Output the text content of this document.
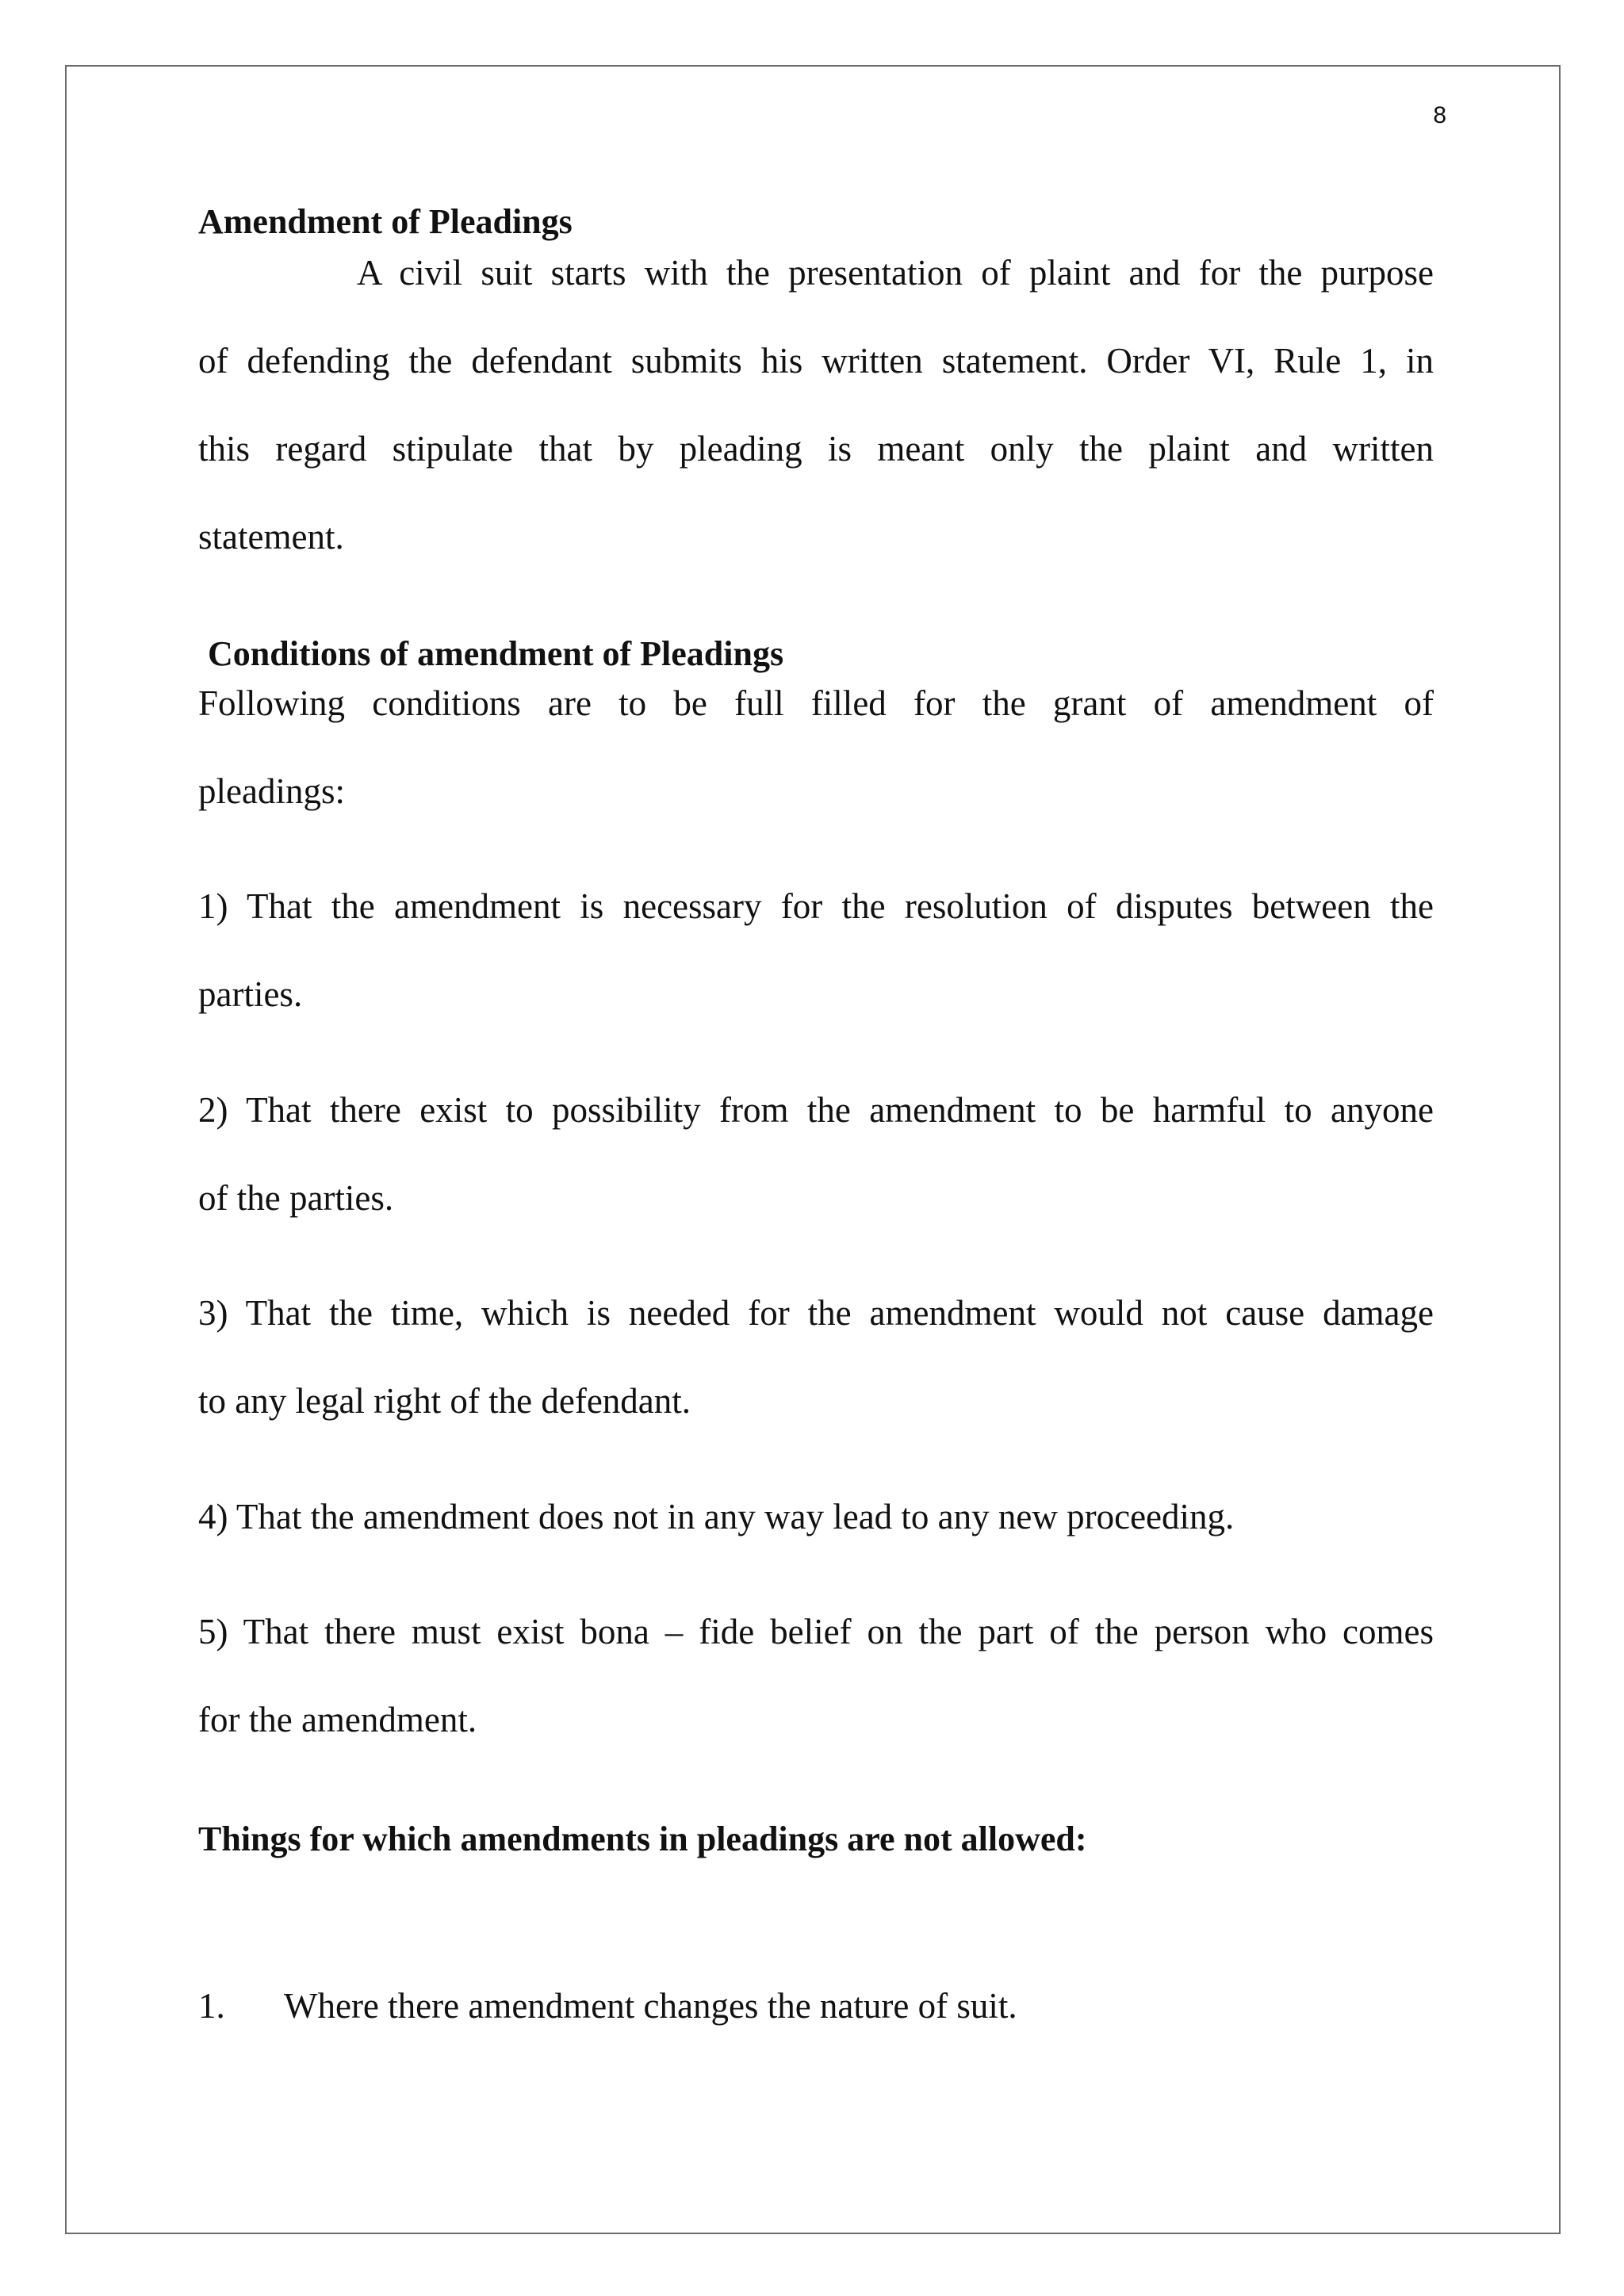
8
Amendment of Pleadings
A civil suit starts with the presentation of plaint and for the purpose
of defending the defendant submits his written statement. Order VI, Rule 1, in
this regard stipulate that by pleading is meant only the plaint and written
statement.
Conditions of amendment of Pleadings
Following conditions are to be full filled for the grant of amendment of
pleadings:
1) That the amendment is necessary for the resolution of disputes between the
parties.
2) That there exist to possibility from the amendment to be harmful to anyone
of the parties.
3) That the time, which is needed for the amendment would not cause damage
to any legal right of the defendant.
4) That the amendment does not in any way lead to any new proceeding.
5) That there must exist bona – fide belief on the part of the person who comes
for the amendment.
Things for which amendments in pleadings are not allowed:
1. Where there amendment changes the nature of suit.
